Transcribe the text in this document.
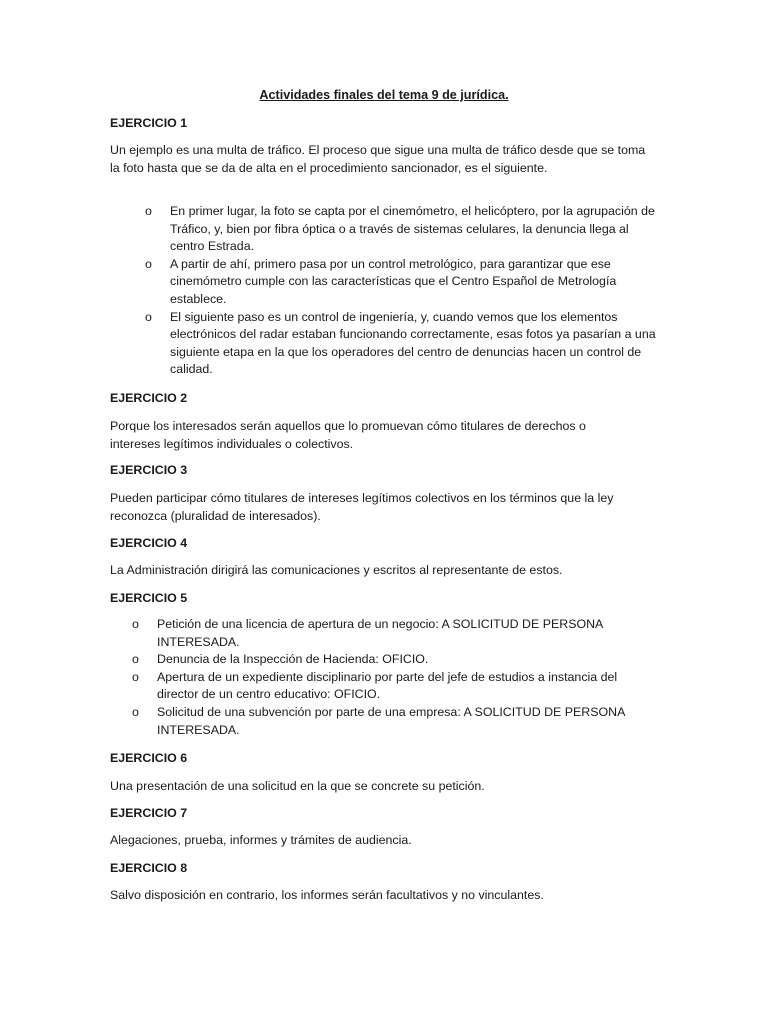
Actividades finales del tema 9 de jurídica.
EJERCICIO 1
Un ejemplo es una multa de tráfico. El proceso que sigue una multa de tráfico desde que se toma la foto hasta que se da de alta en el procedimiento sancionador, es el siguiente.
o	En primer lugar, la foto se capta por el cinemómetro, el helicóptero, por la agrupación de Tráfico, y, bien por fibra óptica o a través de sistemas celulares, la denuncia llega al centro Estrada.
o	A partir de ahí, primero pasa por un control metrológico, para garantizar que ese cinemómetro cumple con las características que el Centro Español de Metrología establece.
o	El siguiente paso es un control de ingeniería, y, cuando vemos que los elementos electrónicos del radar estaban funcionando correctamente, esas fotos ya pasarían a una siguiente etapa en la que los operadores del centro de denuncias hacen un control de calidad.
EJERCICIO 2
Porque los interesados serán aquellos que lo promuevan cómo titulares de derechos o intereses legítimos individuales o colectivos.
EJERCICIO 3
Pueden participar cómo titulares de intereses legítimos colectivos en los términos que la ley reconozca (pluralidad de interesados).
EJERCICIO 4
La Administración dirigirá las comunicaciones y escritos al representante de estos.
EJERCICIO 5
o	Petición de una licencia de apertura de un negocio: A SOLICITUD DE PERSONA INTERESADA.
o	Denuncia de la Inspección de Hacienda: OFICIO.
o	Apertura de un expediente disciplinario por parte del jefe de estudios a instancia del director de un centro educativo: OFICIO.
o	Solicitud de una subvención por parte de una empresa: A SOLICITUD DE PERSONA INTERESADA.
EJERCICIO 6
Una presentación de una solicitud en la que se concrete su petición.
EJERCICIO 7
Alegaciones, prueba, informes y trámites de audiencia.
EJERCICIO 8
Salvo disposición en contrario, los informes serán facultativos y no vinculantes.
